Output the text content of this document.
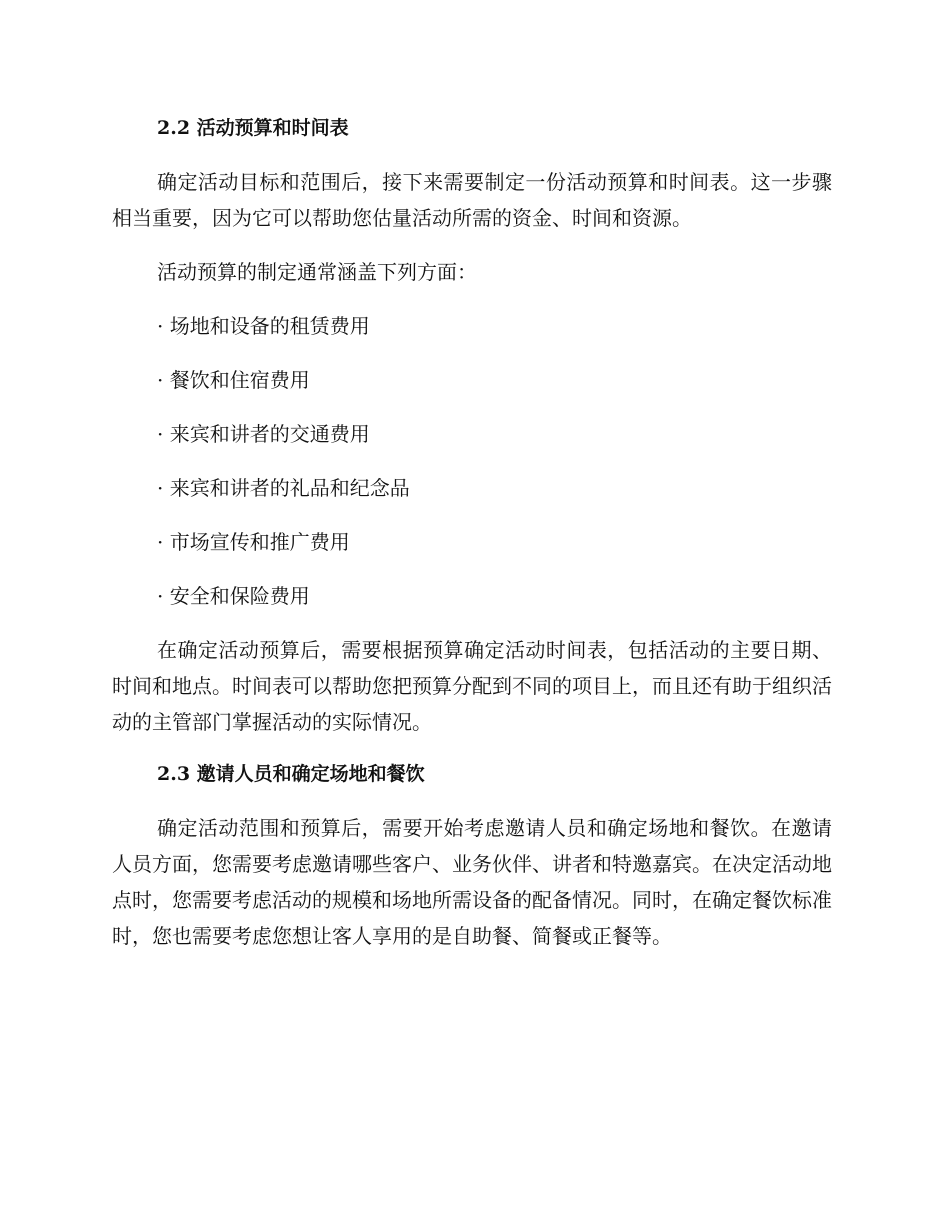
2.2 活动预算和时间表

确定活动目标和范围后，接下来需要制定一份活动预算和时间表。这一步骤相当重要，因为它可以帮助您估量活动所需的资金、时间和资源。

活动预算的制定通常涵盖下列方面：

· 场地和设备的租赁费用

· 餐饮和住宿费用

· 来宾和讲者的交通费用

· 来宾和讲者的礼品和纪念品

· 市场宣传和推广费用

· 安全和保险费用

在确定活动预算后，需要根据预算确定活动时间表，包括活动的主要日期、时间和地点。时间表可以帮助您把预算分配到不同的项目上，而且还有助于组织活动的主管部门掌握活动的实际情况。

2.3 邀请人员和确定场地和餐饮

确定活动范围和预算后，需要开始考虑邀请人员和确定场地和餐饮。在邀请人员方面，您需要考虑邀请哪些客户、业务伙伴、讲者和特邀嘉宾。在决定活动地点时，您需要考虑活动的规模和场地所需设备的配备情况。同时，在确定餐饮标准时，您也需要考虑您想让客人享用的是自助餐、简餐或正餐等。
